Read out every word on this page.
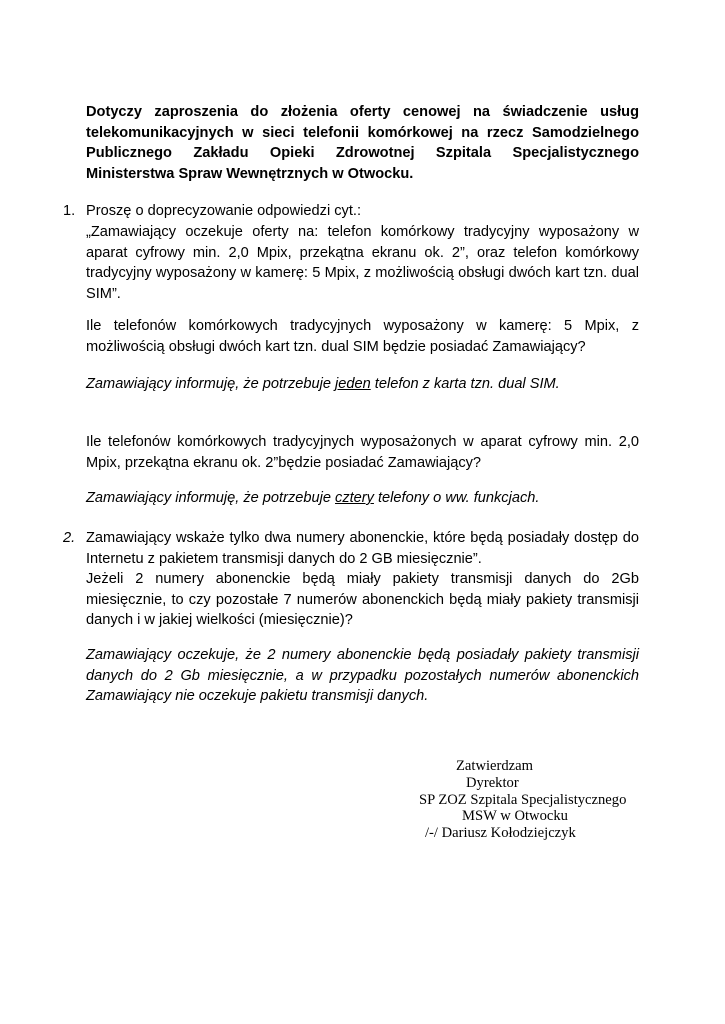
Dotyczy zaproszenia do złożenia oferty cenowej na świadczenie usług telekomunikacyjnych w sieci telefonii komórkowej na rzecz Samodzielnego Publicznego Zakładu Opieki Zdrowotnej Szpitala Specjalistycznego Ministerstwa Spraw Wewnętrznych w Otwocku.

1. Proszę o doprecyzowanie odpowiedzi cyt.:

„Zamawiający oczekuje oferty na: telefon komórkowy tradycyjny wyposażony w aparat cyfrowy min. 2,0 Mpix, przekątna ekranu ok. 2”, oraz telefon komórkowy tradycyjny wyposażony w kamerę: 5 Mpix, z możliwością obsługi dwóch kart tzn. dual SIM”.

Ile telefonów komórkowych tradycyjnych wyposażony w kamerę: 5 Mpix, z możliwością obsługi dwóch kart tzn. dual SIM będzie posiadać Zamawiający?

Zamawiający informuję, że potrzebuje jeden telefon z karta tzn. dual SIM.

Ile telefonów komórkowych tradycyjnych wyposażonych w aparat cyfrowy min. 2,0 Mpix, przekątna ekranu ok. 2”będzie posiadać Zamawiający?

Zamawiający informuję, że potrzebuje cztery telefony o ww. funkcjach.

2. Zamawiający wskaże tylko dwa numery abonenckie, które będą posiadały dostęp do Internetu z pakietem transmisji danych do 2 GB miesięcznie”.

Jeżeli 2 numery abonenckie będą miały pakiety transmisji danych do 2Gb miesięcznie, to czy pozostałe 7 numerów abonenckich będą miały pakiety transmisji danych i w jakiej wielkości (miesięcznie)?

Zamawiający oczekuje, że 2 numery abonenckie będą posiadały pakiety transmisji danych do 2 Gb miesięcznie, a w przypadku pozostałych numerów abonenckich Zamawiający nie oczekuje pakietu transmisji danych.

Zatwierdzam
Dyrektor
SP ZOZ Szpitala Specjalistycznego
MSW w Otwocku
/-/ Dariusz Kołodziejczyk
